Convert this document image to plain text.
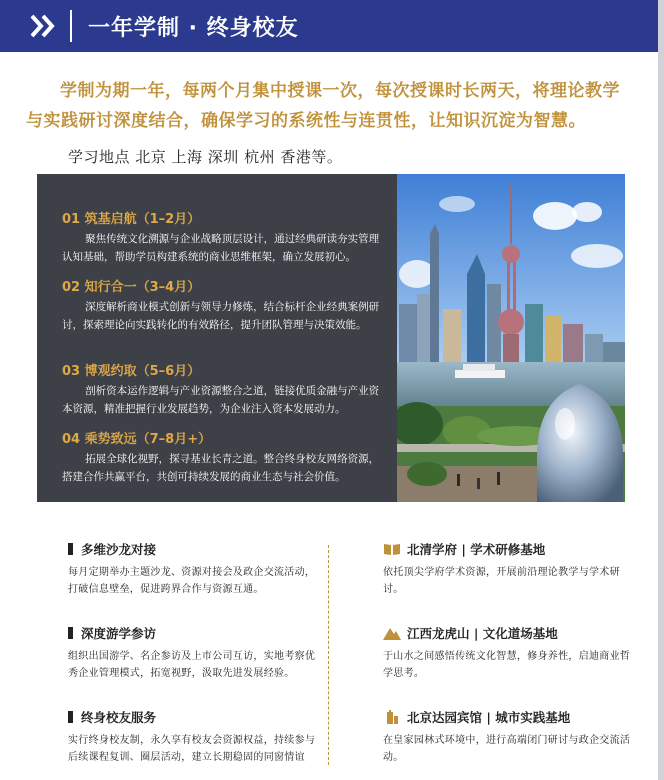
一年学制 · 终身校友
学制为期一年，每两个月集中授课一次，每次授课时长两天，将理论教学与实践研讨深度结合，确保学习的系统性与连贯性，让知识沉淀为智慧。
学习地点 北京 上海 深圳 杭州 香港等。
01 筑基启航（1–2月）
聚焦传统文化溯源与企业战略顶层设计，通过经典研读夯实管理认知基础，帮助学员构建系统的商业思维框架，确立发展初心。
02 知行合一（3–4月）
深度解析商业模式创新与领导力修炼，结合标杆企业经典案例研讨，探索理论向实践转化的有效路径，提升团队管理与决策效能。
03 博观约取（5–6月）
剖析资本运作逻辑与产业资源整合之道，链接优质金融与产业资本资源，精准把握行业发展趋势，为企业注入资本发展动力。
04 乘势致远（7–8月+）
拓展全球化视野，探寻基业长青之道。整合终身校友网络资源，搭建合作共赢平台，共创可持续发展的商业生态与社会价值。
多维沙龙对接
每月定期举办主题沙龙、资源对接会及政企交流活动，打破信息壁垒，促进跨界合作与资源互通。
深度游学参访
组织出国游学、名企参访及上市公司互访，实地考察优秀企业管理模式，拓宽视野，汲取先进发展经验。
终身校友服务
实行终身校友制，永久享有校友会资源权益，持续参与后续课程复训、圈层活动，建立长期稳固的同窗情谊
北清学府 | 学术研修基地
依托顶尖学府学术资源，开展前沿理论教学与学术研讨。
江西龙虎山 | 文化道场基地
于山水之间感悟传统文化智慧，修身养性，启迪商业哲学思考。
北京达园宾馆 | 城市实践基地
在皇家园林式环境中，进行高端闭门研讨与政企交流活动。
